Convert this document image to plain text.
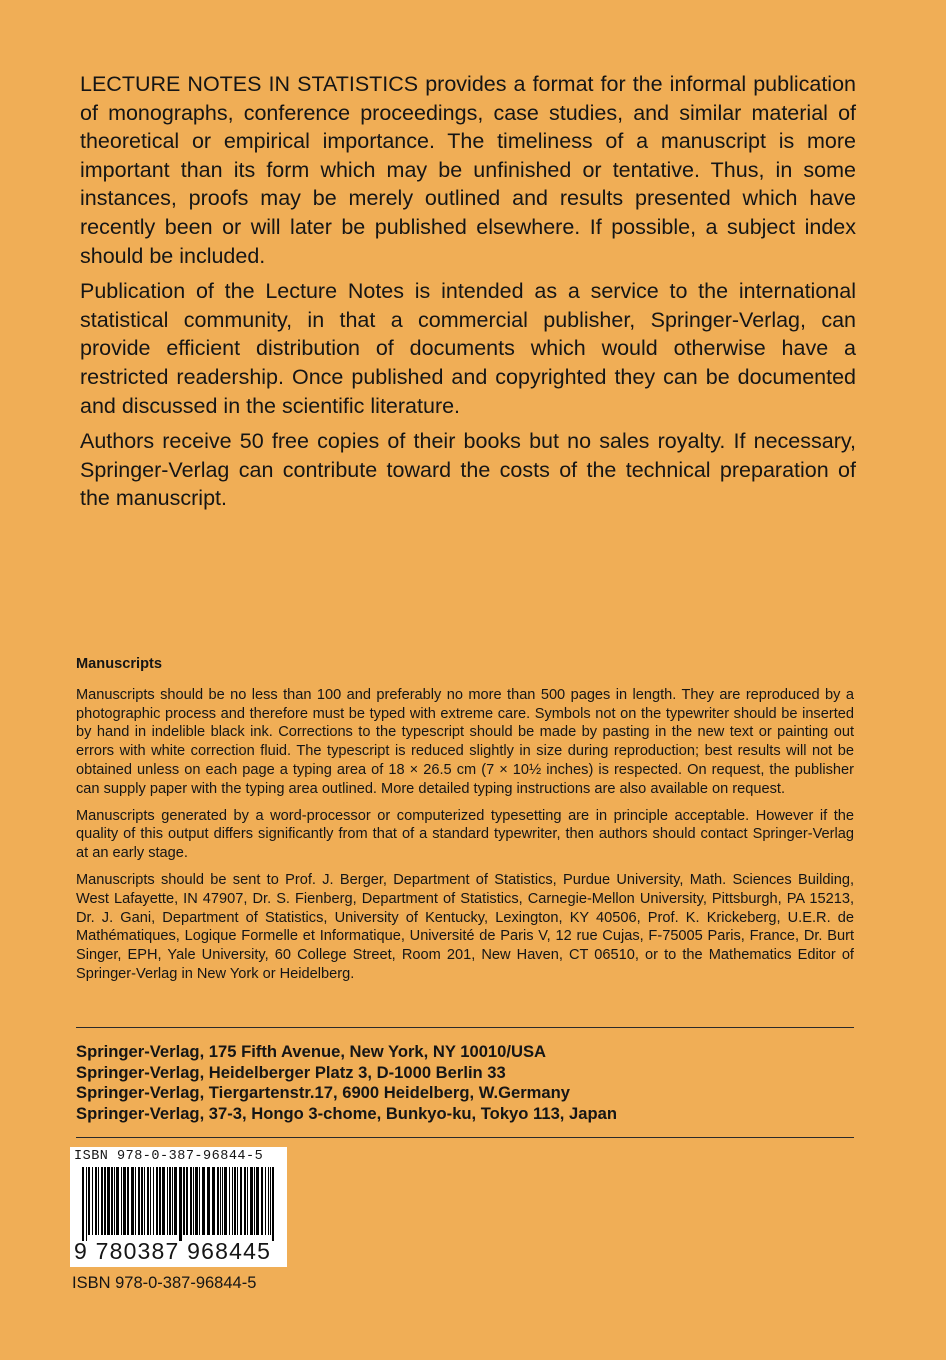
LECTURE NOTES IN STATISTICS provides a format for the informal publication of monographs, conference proceedings, case studies, and similar material of theoretical or empirical importance. The timeliness of a manuscript is more important than its form which may be unfinished or tentative. Thus, in some instances, proofs may be merely outlined and results presented which have recently been or will later be published elsewhere. If possible, a subject index should be included.

Publication of the Lecture Notes is intended as a service to the international statistical community, in that a commercial publisher, Springer-Verlag, can provide efficient distribution of documents which would otherwise have a restricted readership. Once published and copyrighted they can be documented and discussed in the scientific literature.

Authors receive 50 free copies of their books but no sales royalty. If necessary, Springer-Verlag can contribute toward the costs of the technical preparation of the manuscript.

Manuscripts

Manuscripts should be no less than 100 and preferably no more than 500 pages in length. They are reproduced by a photographic process and therefore must be typed with extreme care. Symbols not on the typewriter should be inserted by hand in indelible black ink. Corrections to the typescript should be made by pasting in the new text or painting out errors with white correction fluid. The typescript is reduced slightly in size during reproduction; best results will not be obtained unless on each page a typing area of 18 × 26.5 cm (7 × 10½ inches) is respected. On request, the publisher can supply paper with the typing area outlined. More detailed typing instructions are also available on request.

Manuscripts generated by a word-processor or computerized typesetting are in principle acceptable. However if the quality of this output differs significantly from that of a standard typewriter, then authors should contact Springer-Verlag at an early stage.

Manuscripts should be sent to Prof. J. Berger, Department of Statistics, Purdue University, Math. Sciences Building, West Lafayette, IN 47907, Dr. S. Fienberg, Department of Statistics, Carnegie-Mellon University, Pittsburgh, PA 15213, Dr. J. Gani, Department of Statistics, University of Kentucky, Lexington, KY 40506, Prof. K. Krickeberg, U.E.R. de Mathématiques, Logique Formelle et Informatique, Université de Paris V, 12 rue Cujas, F-75005 Paris, France, Dr. Burt Singer, EPH, Yale University, 60 College Street, Room 201, New Haven, CT 06510, or to the Mathematics Editor of Springer-Verlag in New York or Heidelberg.

Springer-Verlag, 175 Fifth Avenue, New York, NY 10010/USA
Springer-Verlag, Heidelberger Platz 3, D-1000 Berlin 33
Springer-Verlag, Tiergartenstr.17, 6900 Heidelberg, W.Germany
Springer-Verlag, 37-3, Hongo 3-chome, Bunkyo-ku, Tokyo 113, Japan
ISBN 978-0-387-96844-5
9 780387 968445
ISBN 978-0-387-96844-5
